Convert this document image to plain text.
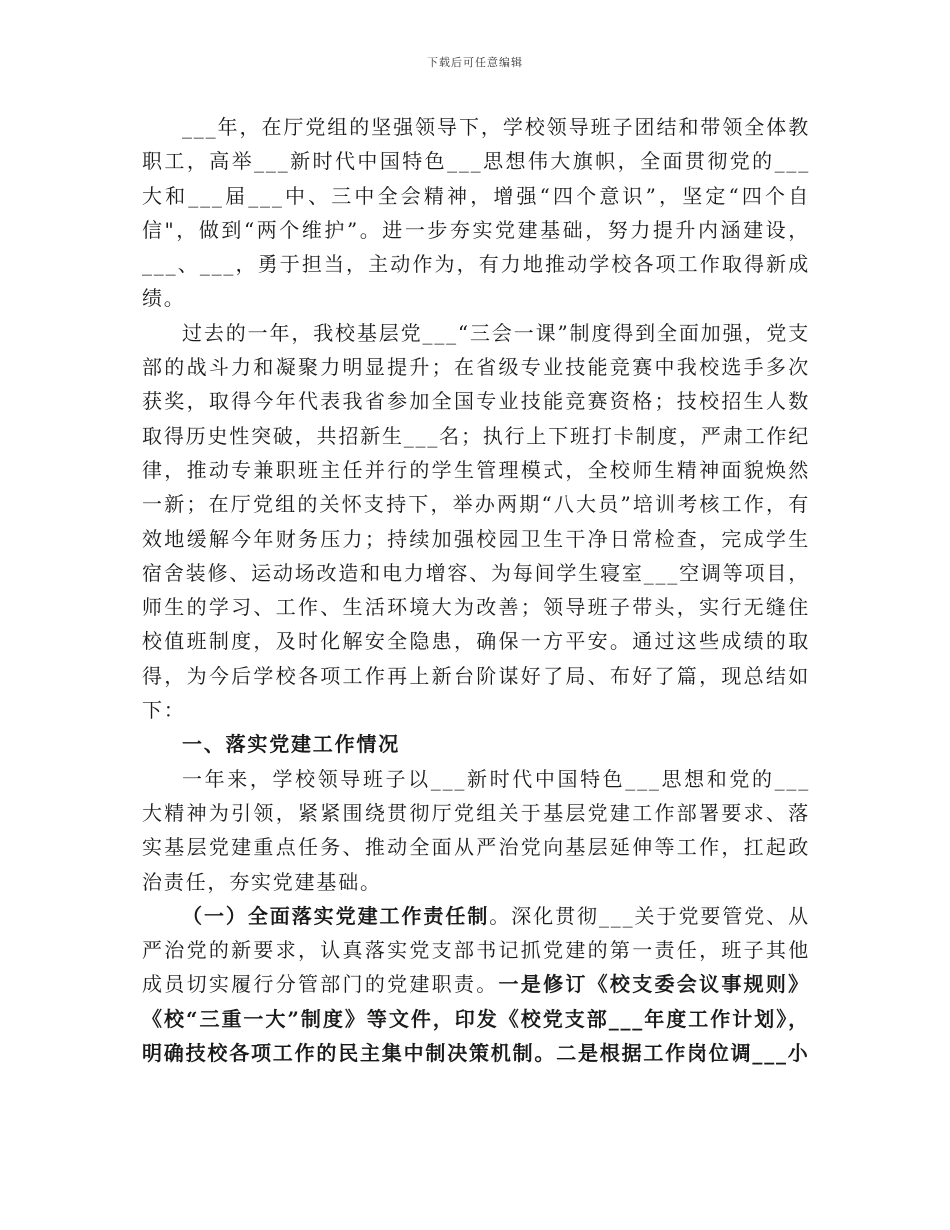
下载后可任意编辑

___年，在厅党组的坚强领导下，学校领导班子团结和带领全体教职工，高举___新时代中国特色___思想伟大旗帜，全面贯彻党的___大和___届___中、三中全会精神，增强“四个意识”，坚定“四个自信"，做到“两个维护”。进一步夯实党建基础，努力提升内涵建设，___、___，勇于担当，主动作为，有力地推动学校各项工作取得新成绩。

过去的一年，我校基层党___“三会一课”制度得到全面加强，党支部的战斗力和凝聚力明显提升；在省级专业技能竞赛中我校选手多次获奖，取得今年代表我省参加全国专业技能竞赛资格；技校招生人数取得历史性突破，共招新生___名；执行上下班打卡制度，严肃工作纪律，推动专兼职班主任并行的学生管理模式，全校师生精神面貌焕然一新；在厅党组的关怀支持下，举办两期“八大员”培训考核工作，有效地缓解今年财务压力；持续加强校园卫生干净日常检查，完成学生宿舍装修、运动场改造和电力增容、为每间学生寝室___空调等项目，师生的学习、工作、生活环境大为改善；领导班子带头，实行无缝住校值班制度，及时化解安全隐患，确保一方平安。通过这些成绩的取得，为今后学校各项工作再上新台阶谋好了局、布好了篇，现总结如下：

一、落实党建工作情况

一年来，学校领导班子以___新时代中国特色___思想和党的___大精神为引领，紧紧围绕贯彻厅党组关于基层党建工作部署要求、落实基层党建重点任务、推动全面从严治党向基层延伸等工作，扛起政治责任，夯实党建基础。

（一）全面落实党建工作责任制。深化贯彻___关于党要管党、从严治党的新要求，认真落实党支部书记抓党建的第一责任，班子其他成员切实履行分管部门的党建职责。一是修订《校支委会议事规则》《校“三重一大”制度》等文件，印发《校党支部___年度工作计划》，明确技校各项工作的民主集中制决策机制。二是根据工作岗位调___小
